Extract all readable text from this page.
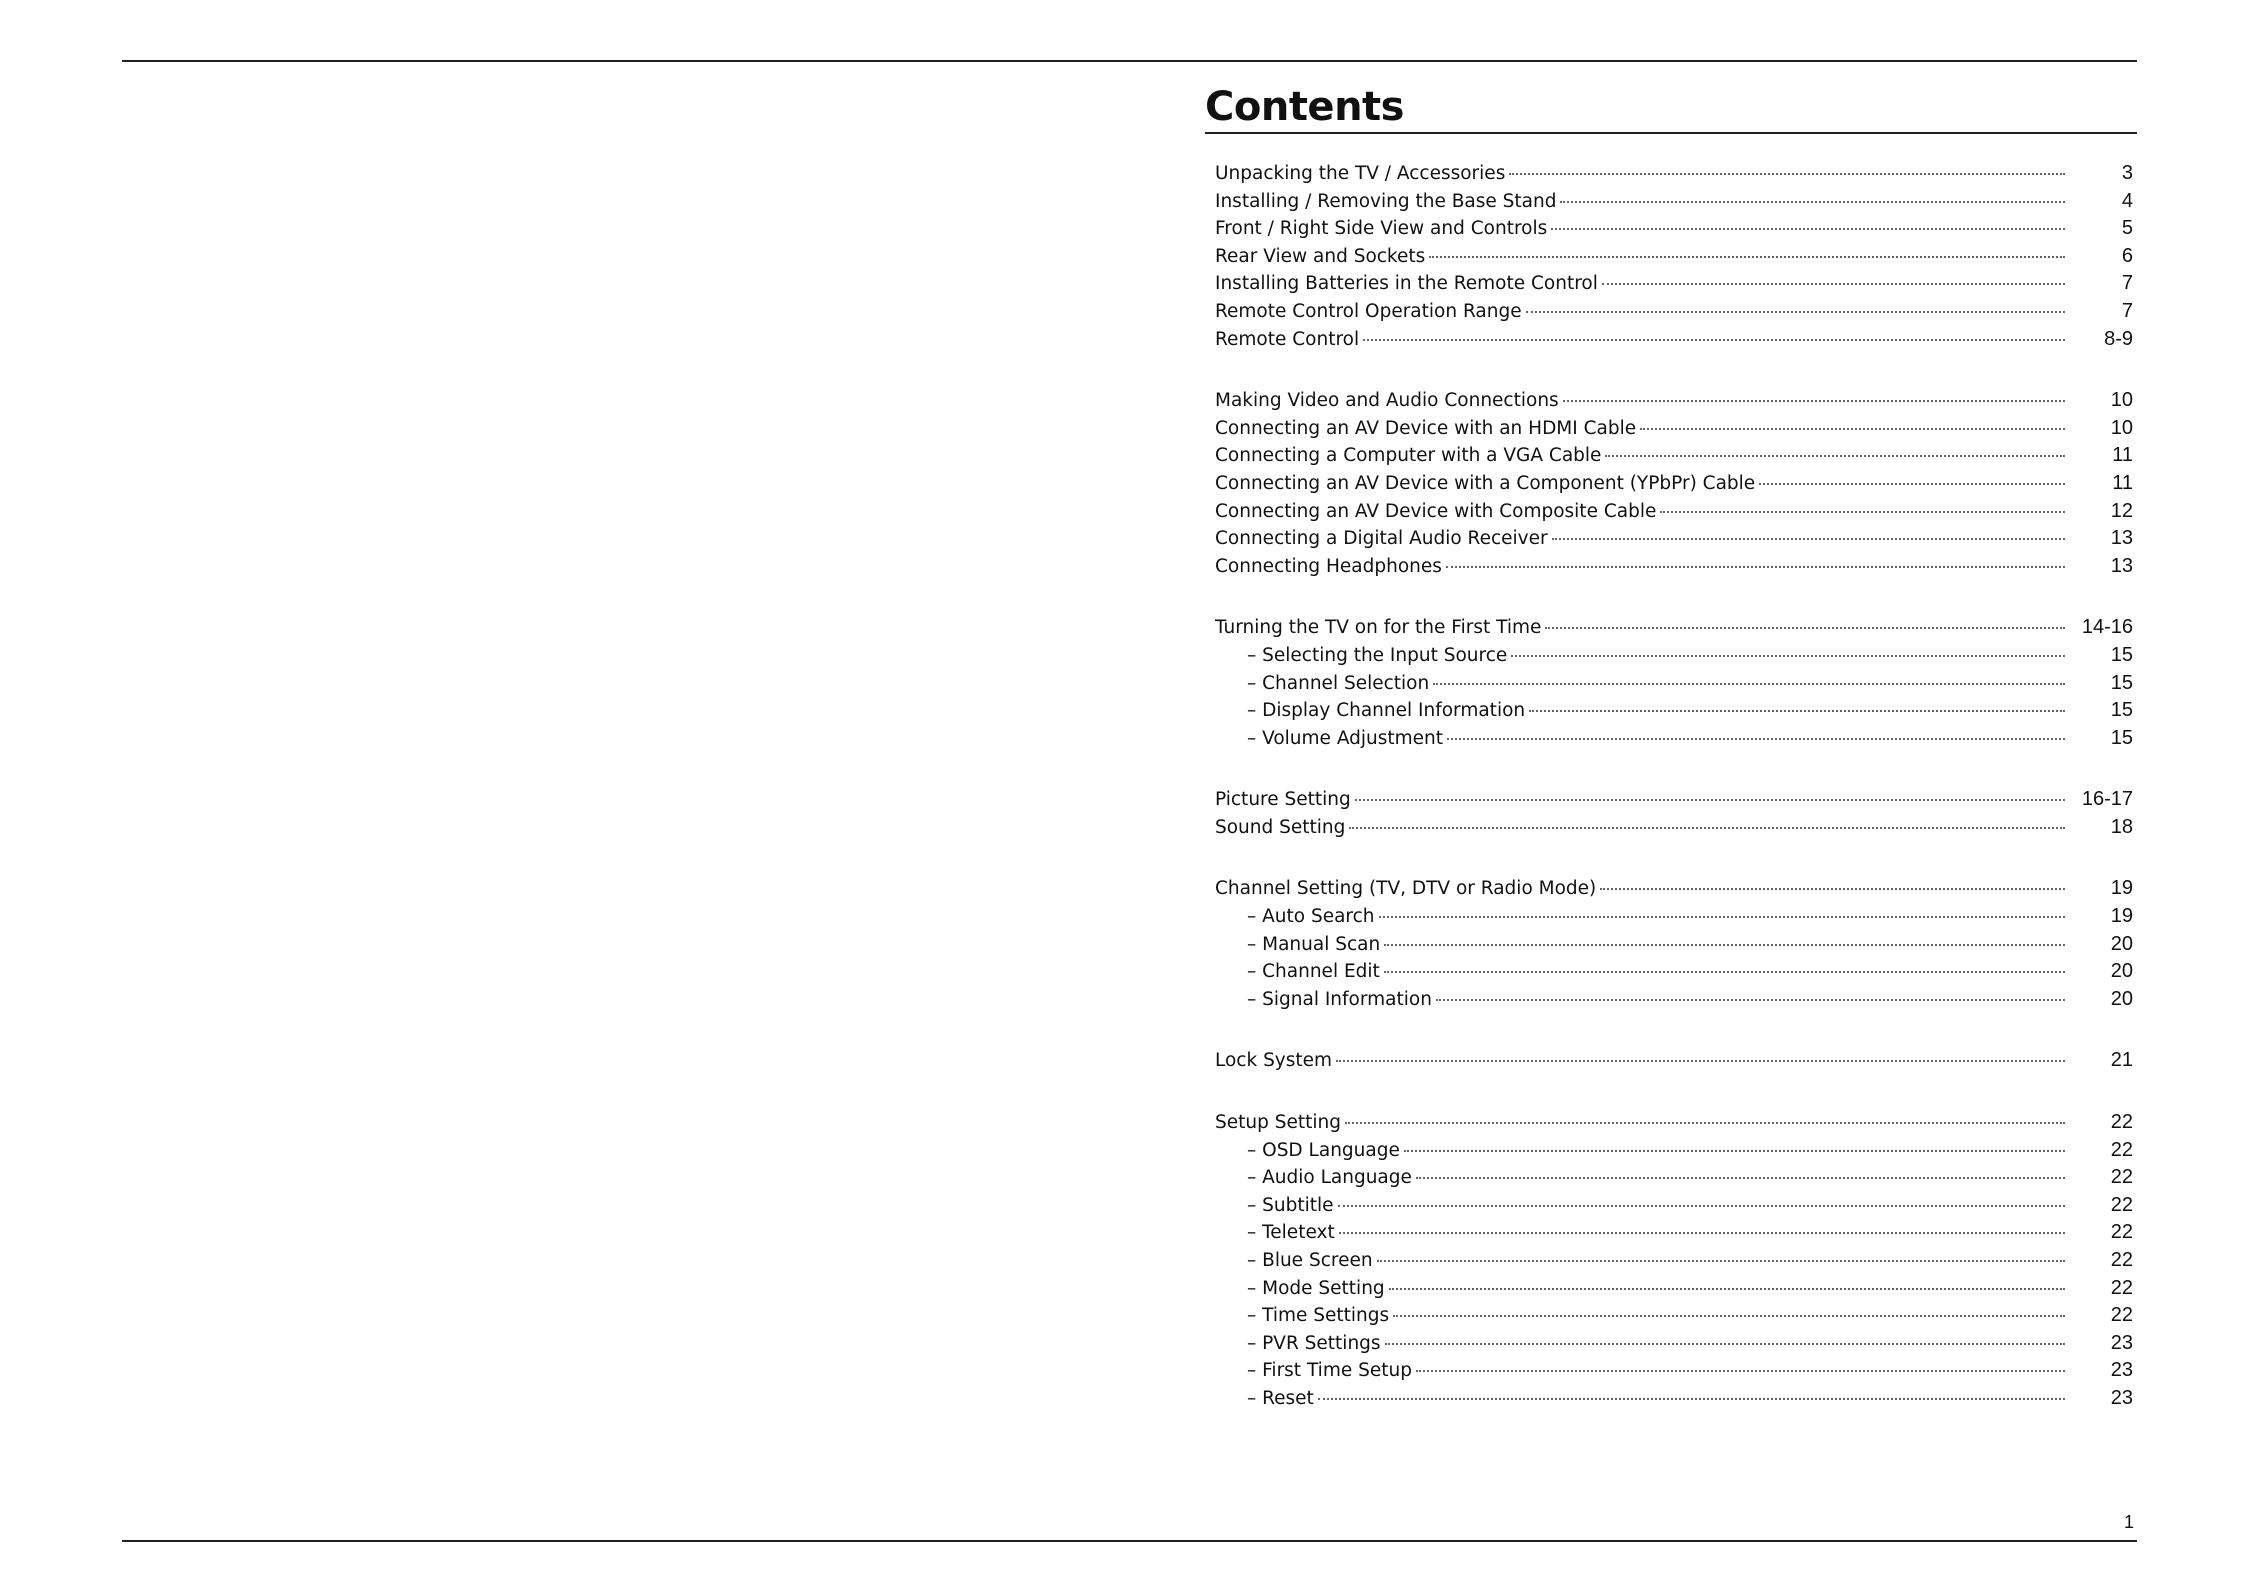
Contents
Unpacking the TV / Accessories	3
Installing / Removing the Base Stand	4
Front / Right Side View and Controls	5
Rear View and Sockets	6
Installing Batteries in the Remote Control	7
Remote Control Operation Range	7
Remote Control	8-9
Making Video and Audio Connections	10
Connecting an AV Device with an HDMI Cable	10
Connecting a Computer with a VGA Cable	11
Connecting an AV Device with a Component (YPbPr) Cable	11
Connecting an AV Device with Composite Cable	12
Connecting a Digital Audio Receiver	13
Connecting Headphones	13
Turning the TV on for the First Time	14-16
– Selecting the Input Source	15
– Channel Selection	15
– Display Channel Information	15
– Volume Adjustment	15
Picture Setting	16-17
Sound Setting	18
Channel Setting (TV, DTV or Radio Mode)	19
– Auto Search	19
– Manual Scan	20
– Channel Edit	20
– Signal Information	20
Lock System	21
Setup Setting	22
– OSD Language	22
– Audio Language	22
– Subtitle	22
– Teletext	22
– Blue Screen	22
– Mode Setting	22
– Time Settings	22
– PVR Settings	23
– First Time Setup	23
– Reset	23
1
